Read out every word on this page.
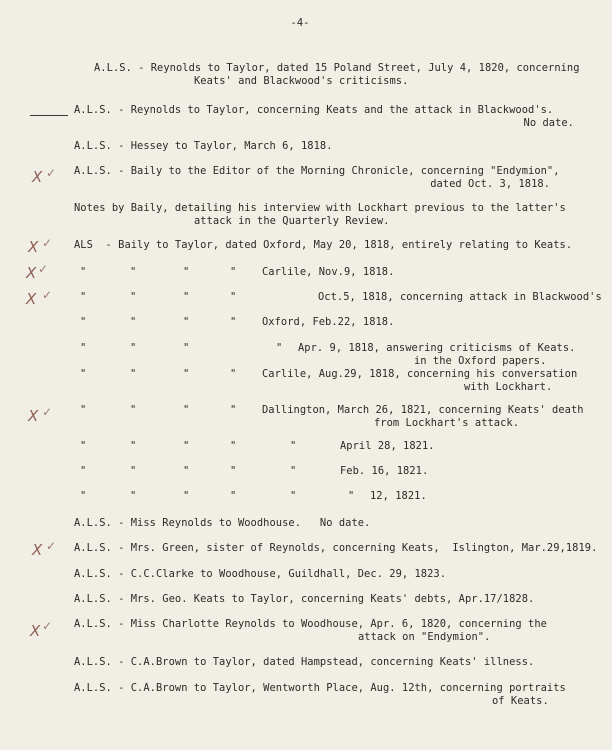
-4-
A.L.S. - Reynolds to Taylor, dated 15 Poland Street, July 4, 1820, concerning
Keats' and Blackwood's criticisms.
A.L.S. - Reynolds to Taylor, concerning Keats and the attack in Blackwood's.
No date.
A.L.S. - Hessey to Taylor, March 6, 1818.
X ✓ A.L.S. - Baily to the Editor of the Morning Chronicle, concerning "Endymion",
dated Oct. 3, 1818.
Notes by Baily, detailing his interview with Lockhart previous to the latter's
attack in the Quarterly Review.
X ✓ ALS  - Baily to Taylor, dated Oxford, May 20, 1818, entirely relating to Keats.
X ✓	"	"	"	" Carlile, Nov.9, 1818.
X ✓	"	"	"	"	Oct.5, 1818, concerning attack in Blackwood's
"	"	"	" Oxford, Feb.22, 1818.
"	"	"	" Apr. 9, 1818, answering criticisms of Keats.
in the Oxford papers.
"	"	"	" Carlile, Aug.29, 1818, concerning his conversation
with Lockhart.
X ✓	"	"	"	" Dallington, March 26, 1821, concerning Keats' death
from Lockhart's attack.
"	"	"	"	"	April 28, 1821.
"	"	"	"	"	Feb. 16, 1821.
"	"	"	"	"	" 12, 1821.
A.L.S. - Miss Reynolds to Woodhouse.   No date.
X ✓ A.L.S. - Mrs. Green, sister of Reynolds, concerning Keats,  Islington, Mar.29,1819.
A.L.S. - C.C.Clarke to Woodhouse, Guildhall, Dec. 29, 1823.
A.L.S. - Mrs. Geo. Keats to Taylor, concerning Keats' debts, Apr.17/1828.
X ✓ A.L.S. - Miss Charlotte Reynolds to Woodhouse, Apr. 6, 1820, concerning the
attack on "Endymion".
A.L.S. - C.A.Brown to Taylor, dated Hampstead, concerning Keats' illness.
A.L.S. - C.A.Brown to Taylor, Wentworth Place, Aug. 12th, concerning portraits
of Keats.
